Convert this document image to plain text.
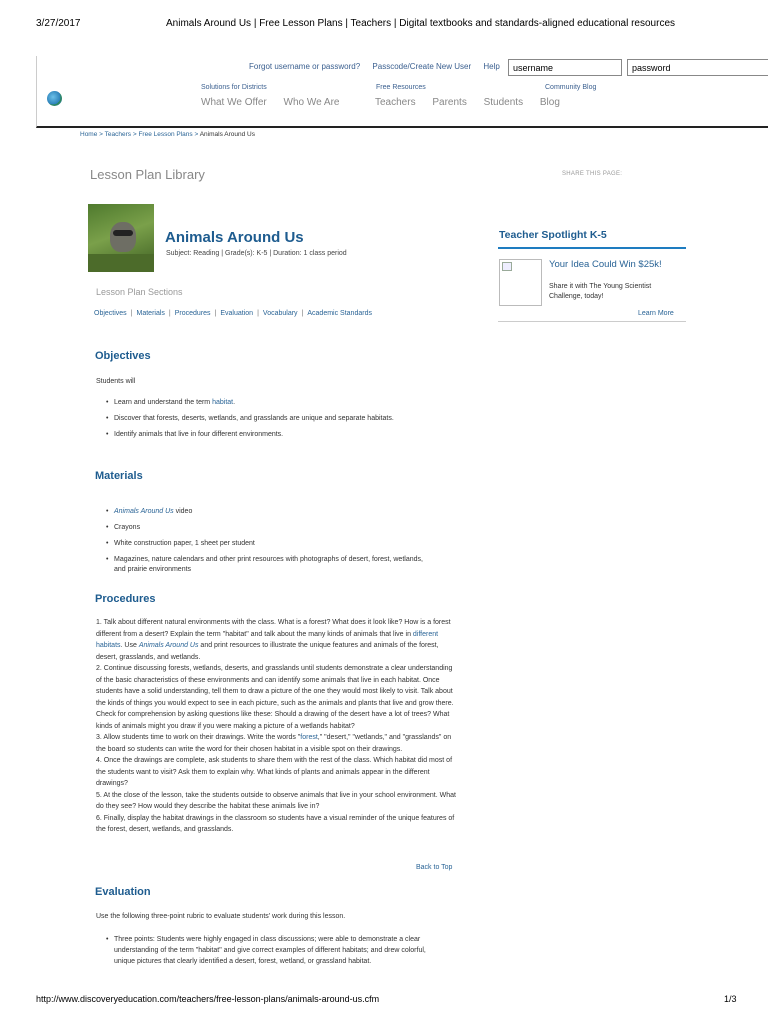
3/27/2017	Animals Around Us | Free Lesson Plans | Teachers | Digital textbooks and standards-aligned educational resources
Forgot username or password? Passcode/Create New User Help
username
password
Solutions for Districts	Free Resources	Community Blog
What We Offer Who We Are	Teachers Parents Students Blog
Home > Teachers > Free Lesson Plans > Animals Around Us
Lesson Plan Library	SHARE THIS PAGE:
Animals Around Us
Subject: Reading | Grade(s): K-5 | Duration: 1 class period
Lesson Plan Sections
Objectives | Materials | Procedures | Evaluation | Vocabulary | Academic Standards
Objectives
Students will
• Learn and understand the term habitat.
• Discover that forests, deserts, wetlands, and grasslands are unique and separate habitats.
• Identify animals that live in four different environments.
Materials
• Animals Around Us video
• Crayons
• White construction paper, 1 sheet per student
• Magazines, nature calendars and other print resources with photographs of desert, forest, wetlands, and prairie environments
Procedures
1. Talk about different natural environments with the class. What is a forest? What does it look like? How is a forest different from a desert? Explain the term "habitat" and talk about the many kinds of animals that live in different habitats. Use Animals Around Us and print resources to illustrate the unique features and animals of the forest, desert, grasslands, and wetlands.
2. Continue discussing forests, wetlands, deserts, and grasslands until students demonstrate a clear understanding of the basic characteristics of these environments and can identify some animals that live in each habitat. Once students have a solid understanding, tell them to draw a picture of the one they would most likely to visit. Talk about the kinds of things you would expect to see in each picture, such as the animals and plants that live and grow there. Check for comprehension by asking questions like these: Should a drawing of the desert have a lot of trees? What kinds of animals might you draw if you were making a picture of a wetlands habitat?
3. Allow students time to work on their drawings. Write the words "forest," "desert," "wetlands," and "grasslands" on the board so students can write the word for their chosen habitat in a visible spot on their drawings.
4. Once the drawings are complete, ask students to share them with the rest of the class. Which habitat did most of the students want to visit? Ask them to explain why. What kinds of plants and animals appear in the different drawings?
5. At the close of the lesson, take the students outside to observe animals that live in your school environment. What do they see? How would they describe the habitat these animals live in?
6. Finally, display the habitat drawings in the classroom so students have a visual reminder of the unique features of the forest, desert, wetlands, and grasslands.
Back to Top
Evaluation
Use the following three-point rubric to evaluate students' work during this lesson.
• Three points: Students were highly engaged in class discussions; were able to demonstrate a clear understanding of the term "habitat" and give correct examples of different habitats; and drew colorful, unique pictures that clearly identified a desert, forest, wetland, or grassland habitat.
Teacher Spotlight K-5
Your Idea Could Win $25k!
Share it with The Young Scientist Challenge, today!
Learn More
http://www.discoveryeducation.com/teachers/free-lesson-plans/animals-around-us.cfm	1/3
